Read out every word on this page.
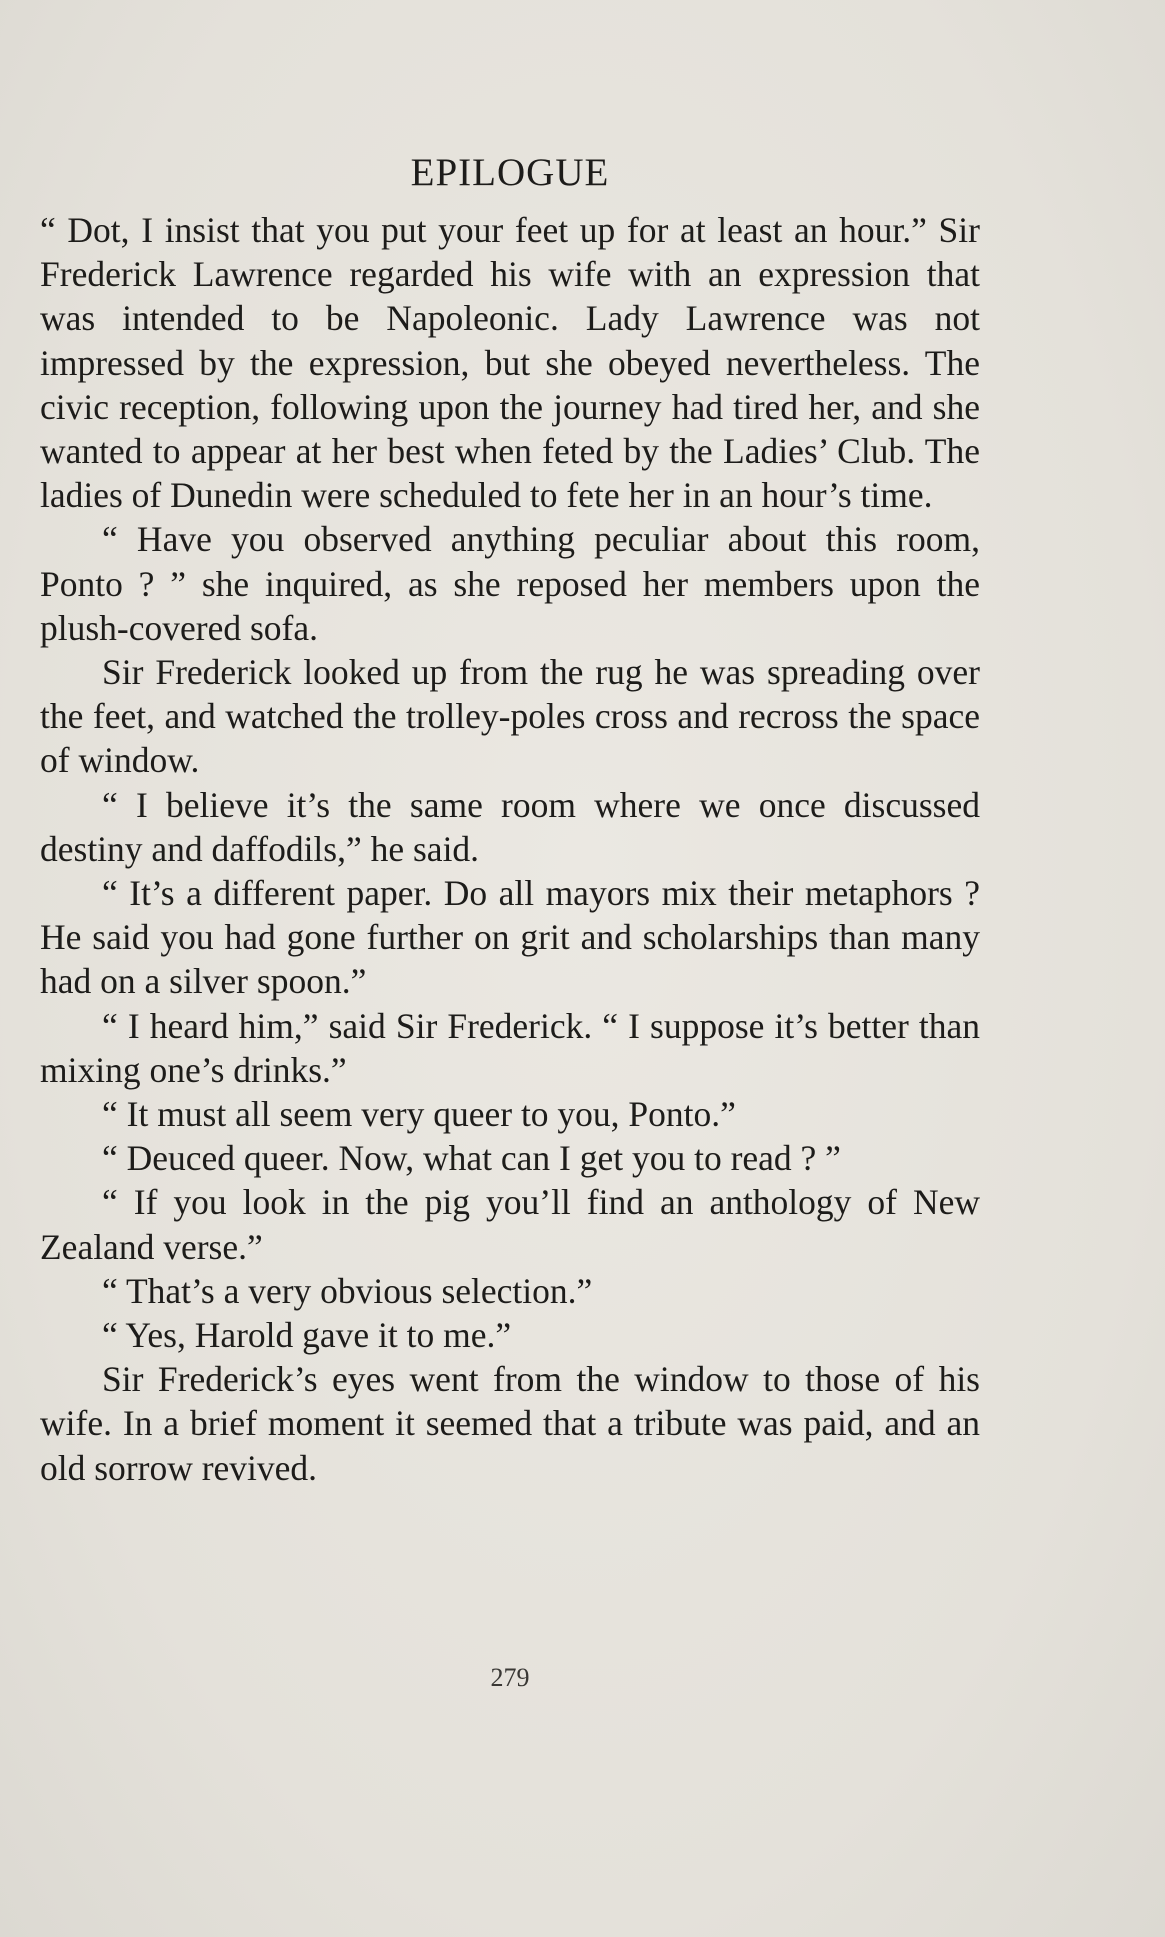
EPILOGUE

“ Dot, I insist that you put your feet up for at least an hour.” Sir Frederick Lawrence regarded his wife with an expression that was intended to be Napoleonic. Lady Lawrence was not impressed by the expression, but she obeyed nevertheless. The civic reception, following upon the journey had tired her, and she wanted to appear at her best when feted by the Ladies’ Club. The ladies of Dunedin were scheduled to fete her in an hour’s time.

“ Have you observed anything peculiar about this room, Ponto ? ” she inquired, as she reposed her members upon the plush-covered sofa.

Sir Frederick looked up from the rug he was spreading over the feet, and watched the trolley-poles cross and recross the space of window.

“ I believe it’s the same room where we once discussed destiny and daffodils,” he said.

“ It’s a different paper. Do all mayors mix their metaphors ? He said you had gone further on grit and scholarships than many had on a silver spoon.”

“ I heard him,” said Sir Frederick. “ I suppose it’s better than mixing one’s drinks.”

“ It must all seem very queer to you, Ponto.”

“ Deuced queer. Now, what can I get you to read ? ”

“ If you look in the pig you’ll find an anthology of New Zealand verse.”

“ That’s a very obvious selection.”

“ Yes, Harold gave it to me.”

Sir Frederick’s eyes went from the window to those of his wife. In a brief moment it seemed that a tribute was paid, and an old sorrow revived.

279
